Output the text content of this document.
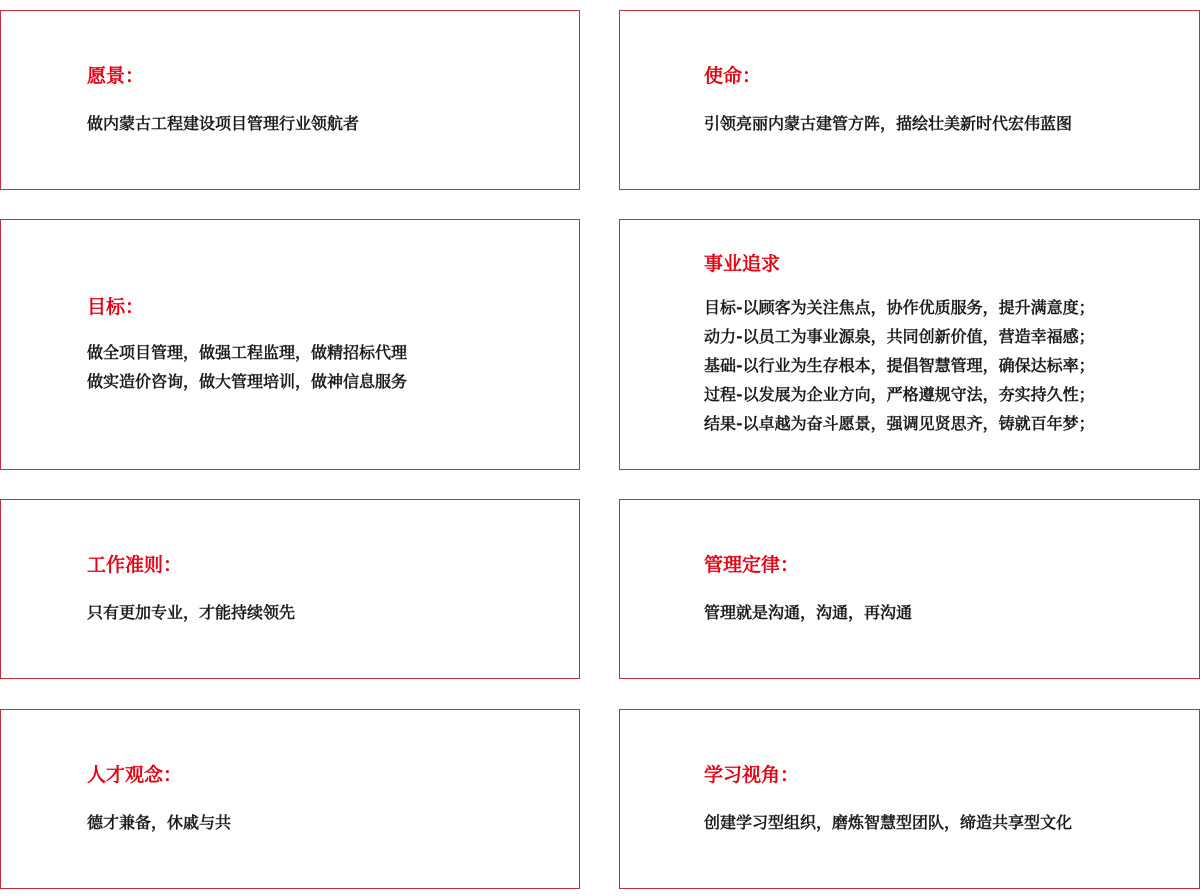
愿景：
做内蒙古工程建设项目管理行业领航者
使命：
引领亮丽内蒙古建管方阵，描绘壮美新时代宏伟蓝图
目标：
做全项目管理，做强工程监理，做精招标代理
做实造价咨询，做大管理培训，做神信息服务
事业追求
目标-以顾客为关注焦点，协作优质服务，提升满意度；
动力-以员工为事业源泉，共同创新价值，营造幸福感；
基础-以行业为生存根本，提倡智慧管理，确保达标率；
过程-以发展为企业方向，严格遵规守法，夯实持久性；
结果-以卓越为奋斗愿景，强调见贤思齐，铸就百年梦；
工作准则：
只有更加专业，才能持续领先
管理定律：
管理就是沟通，沟通，再沟通
人才观念：
德才兼备，休戚与共
学习视角：
创建学习型组织，磨炼智慧型团队，缔造共享型文化
